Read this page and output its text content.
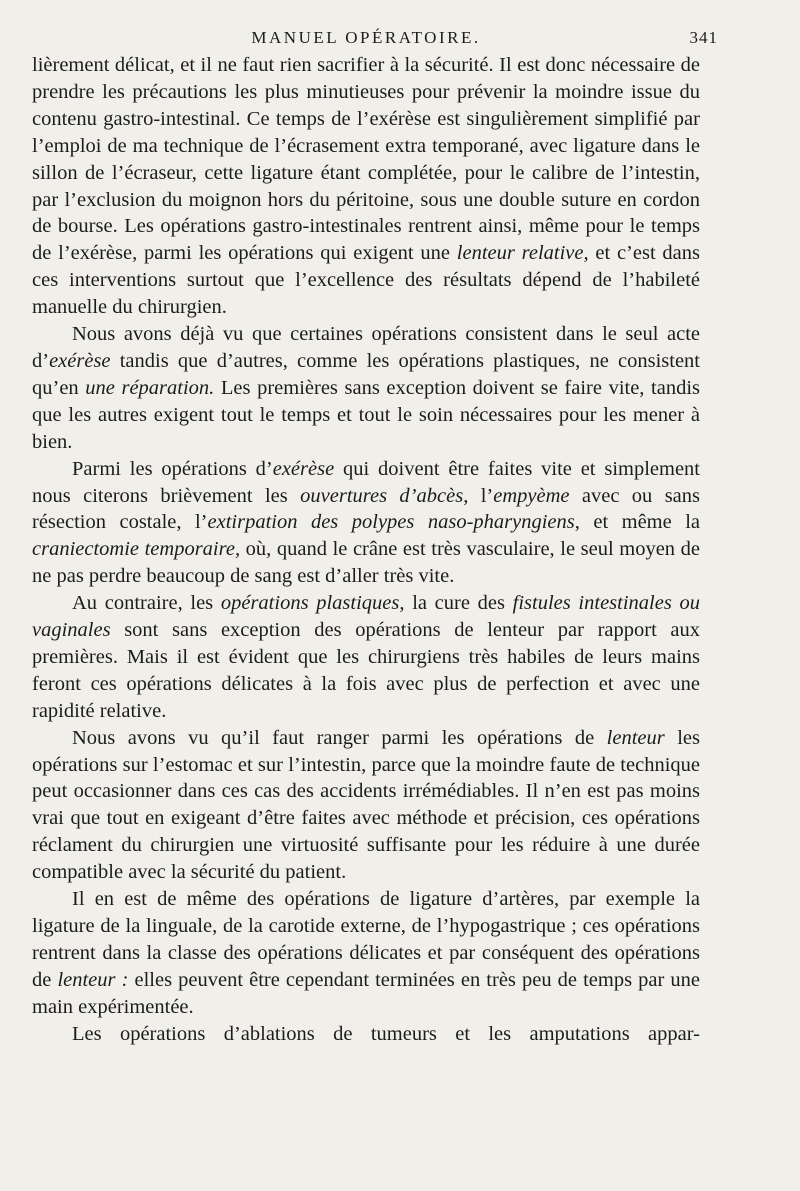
MANUEL OPÉRATOIRE.	341

lièrement délicat, et il ne faut rien sacrifier à la sécurité. Il est donc nécessaire de prendre les précautions les plus minutieuses pour prévenir la moindre issue du contenu gastro-intestinal. Ce temps de l’exérèse est singulièrement simplifié par l’emploi de ma technique de l’écrasement extra temporané, avec ligature dans le sillon de l’écraseur, cette ligature étant complétée, pour le calibre de l’intestin, par l’exclusion du moignon hors du péritoine, sous une double suture en cordon de bourse. Les opérations gastro-intestinales rentrent ainsi, même pour le temps de l’exérèse, parmi les opérations qui exigent une lenteur relative, et c’est dans ces interventions surtout que l’excellence des résultats dépend de l’habileté manuelle du chirurgien.

Nous avons déjà vu que certaines opérations consistent dans le seul acte d’exérèse tandis que d’autres, comme les opérations plastiques, ne consistent qu’en une réparation. Les premières sans exception doivent se faire vite, tandis que les autres exigent tout le temps et tout le soin nécessaires pour les mener à bien.

Parmi les opérations d’exérèse qui doivent être faites vite et simplement nous citerons brièvement les ouvertures d’abcès, l’empyème avec ou sans résection costale, l’extirpation des polypes naso-pharyngiens, et même la craniectomie temporaire, où, quand le crâne est très vasculaire, le seul moyen de ne pas perdre beaucoup de sang est d’aller très vite.

Au contraire, les opérations plastiques, la cure des fistules intestinales ou vaginales sont sans exception des opérations de lenteur par rapport aux premières. Mais il est évident que les chirurgiens très habiles de leurs mains feront ces opérations délicates à la fois avec plus de perfection et avec une rapidité relative.

Nous avons vu qu’il faut ranger parmi les opérations de lenteur les opérations sur l’estomac et sur l’intestin, parce que la moindre faute de technique peut occasionner dans ces cas des accidents irrémédiables. Il n’en est pas moins vrai que tout en exigeant d’être faites avec méthode et précision, ces opérations réclament du chirurgien une virtuosité suffisante pour les réduire à une durée compatible avec la sécurité du patient.

Il en est de même des opérations de ligature d’artères, par exemple la ligature de la linguale, de la carotide externe, de l’hypogastrique ; ces opérations rentrent dans la classe des opérations délicates et par conséquent des opérations de lenteur : elles peuvent être cependant terminées en très peu de temps par une main expérimentée.

Les opérations d’ablations de tumeurs et les amputations appar-
